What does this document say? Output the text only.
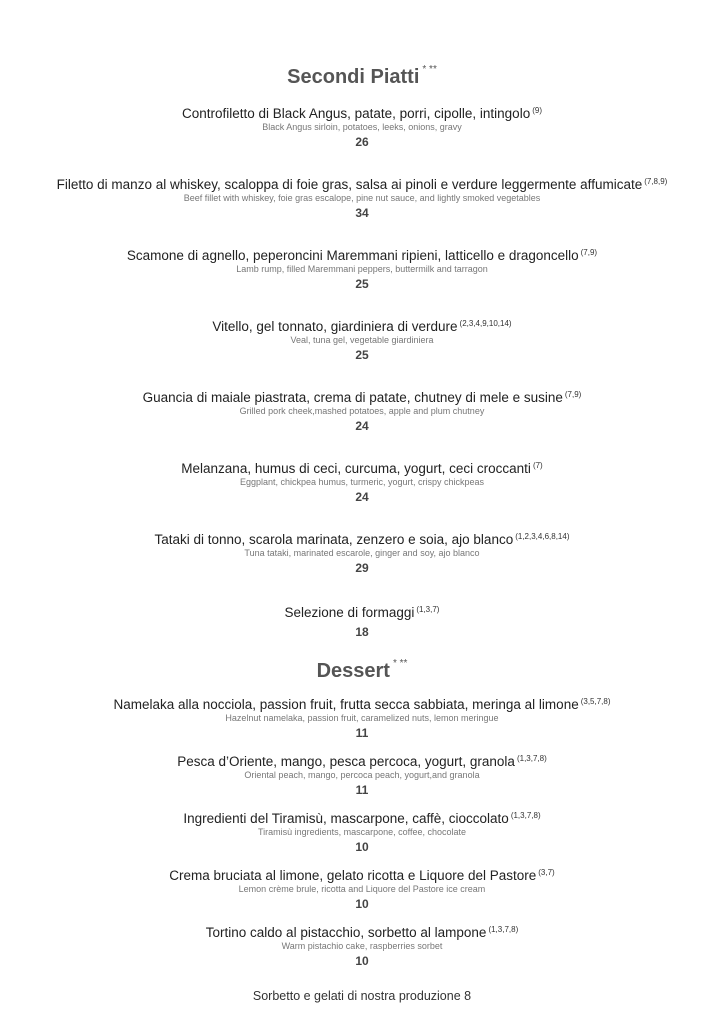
Secondi Piatti * **
Controfiletto di Black Angus, patate, porri, cipolle, intingolo $^{(9)}$
Black Angus sirloin, potatoes, leeks, onions, gravy
26
Filetto di manzo al whiskey, scaloppa di foie gras, salsa ai pinoli e verdure leggermente affumicate $^{(7,8,9)}$
Beef fillet with whiskey, foie gras escalope, pine nut sauce, and lightly smoked vegetables
34
Scamone di agnello, peperoncini Maremmani ripieni, latticello e dragoncello $^{(7,9)}$
Lamb rump, filled Maremmani peppers, buttermilk and tarragon
25
Vitello, gel tonnato, giardiniera di verdure $^{(2,3,4,9,10,14)}$
Veal, tuna gel, vegetable giardiniera
25
Guancia di maiale piastrata, crema di patate, chutney di mele e susine $^{(7,9)}$
Grilled pork cheek,mashed potatoes, apple and plum chutney
24
Melanzana, humus di ceci, curcuma, yogurt, ceci croccanti $^{(7)}$
Eggplant, chickpea humus, turmeric, yogurt, crispy chickpeas
24
Tataki di tonno, scarola marinata, zenzero e soia, ajo blanco $^{(1,2,3,4,6,8,14)}$
Tuna tataki, marinated escarole, ginger and soy, ajo blanco
29
Selezione di formaggi $^{(1,3,7)}$
18
Dessert * **
Namelaka alla nocciola, passion fruit, frutta secca sabbiata, meringa al limone $^{(3,5,7,8)}$
Hazelnut namelaka, passion fruit, caramelized nuts, lemon meringue
11
Pesca d’Oriente, mango, pesca percoca, yogurt, granola $^{(1,3,7,8)}$
Oriental peach, mango, percoca peach, yogurt,and granola
11
Ingredienti del Tiramisù, mascarpone, caffè, cioccolato $^{(1,3,7,8)}$
Tiramisù ingredients, mascarpone, coffee, chocolate
10
Crema bruciata al limone, gelato ricotta e Liquore del Pastore $^{(3,7)}$
Lemon crème brule, ricotta and Liquore del Pastore ice cream
10
Tortino caldo al pistacchio, sorbetto al lampone $^{(1,3,7,8)}$
Warm pistachio cake, raspberries sorbet
10
Sorbetto e gelati di nostra produzione 8
